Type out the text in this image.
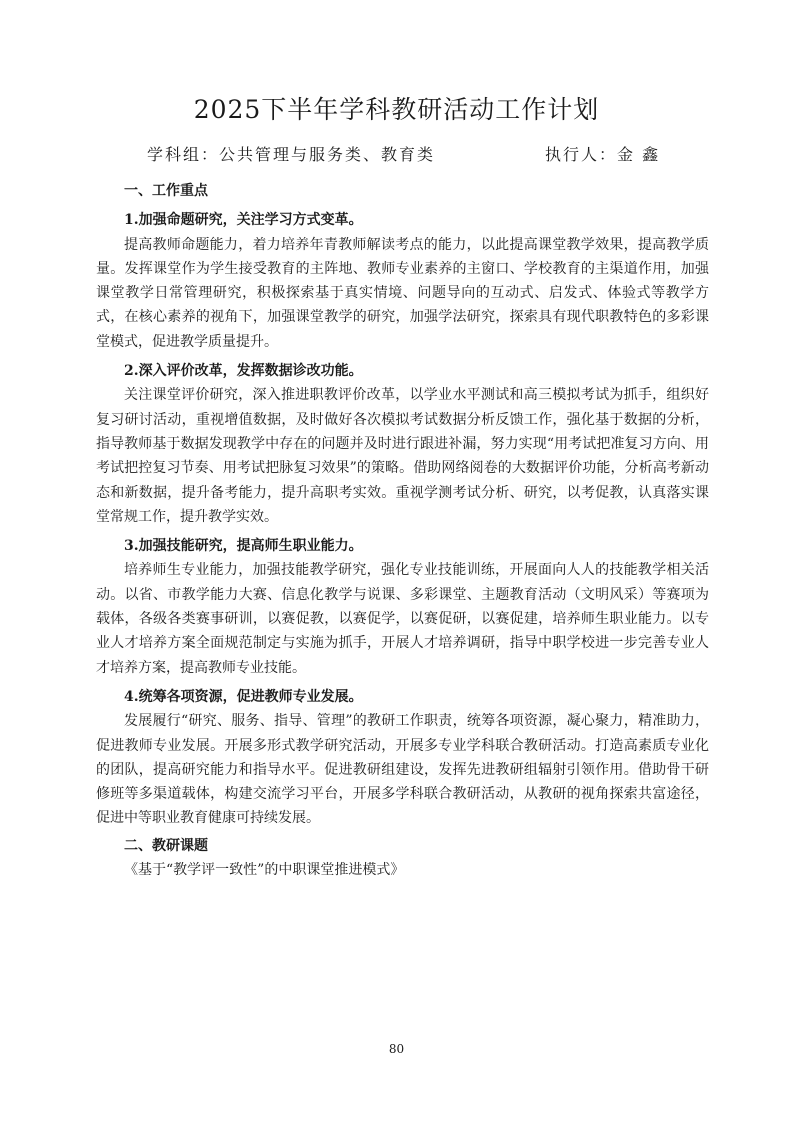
2025下半年学科教研活动工作计划
学科组：公共管理与服务类、教育类	执行人：金 鑫

一、工作重点

1.加强命题研究，关注学习方式变革。

提高教师命题能力，着力培养年青教师解读考点的能力，以此提高课堂教学效果，提高教学质量。发挥课堂作为学生接受教育的主阵地、教师专业素养的主窗口、学校教育的主渠道作用，加强课堂教学日常管理研究，积极探索基于真实情境、问题导向的互动式、启发式、体验式等教学方式，在核心素养的视角下，加强课堂教学的研究，加强学法研究，探索具有现代职教特色的多彩课堂模式，促进教学质量提升。

2.深入评价改革，发挥数据诊改功能。

关注课堂评价研究，深入推进职教评价改革，以学业水平测试和高三模拟考试为抓手，组织好复习研讨活动，重视增值数据，及时做好各次模拟考试数据分析反馈工作，强化基于数据的分析，指导教师基于数据发现教学中存在的问题并及时进行跟进补漏，努力实现“用考试把准复习方向、用考试把控复习节奏、用考试把脉复习效果”的策略。借助网络阅卷的大数据评价功能，分析高考新动态和新数据，提升备考能力，提升高职考实效。重视学测考试分析、研究，以考促教，认真落实课堂常规工作，提升教学实效。

3.加强技能研究，提高师生职业能力。

培养师生专业能力，加强技能教学研究，强化专业技能训练，开展面向人人的技能教学相关活动。以省、市教学能力大赛、信息化教学与说课、多彩课堂、主题教育活动（文明风采）等赛项为载体，各级各类赛事研训，以赛促教，以赛促学，以赛促研，以赛促建，培养师生职业能力。以专业人才培养方案全面规范制定与实施为抓手，开展人才培养调研，指导中职学校进一步完善专业人才培养方案，提高教师专业技能。

4.统筹各项资源，促进教师专业发展。

发展履行“研究、服务、指导、管理”的教研工作职责，统筹各项资源，凝心聚力，精准助力，促进教师专业发展。开展多形式教学研究活动，开展多专业学科联合教研活动。打造高素质专业化的团队，提高研究能力和指导水平。促进教研组建设，发挥先进教研组辐射引领作用。借助骨干研修班等多渠道载体，构建交流学习平台，开展多学科联合教研活动，从教研的视角探索共富途径，促进中等职业教育健康可持续发展。

二、教研课题

《基于“教学评一致性”的中职课堂推进模式》

80
